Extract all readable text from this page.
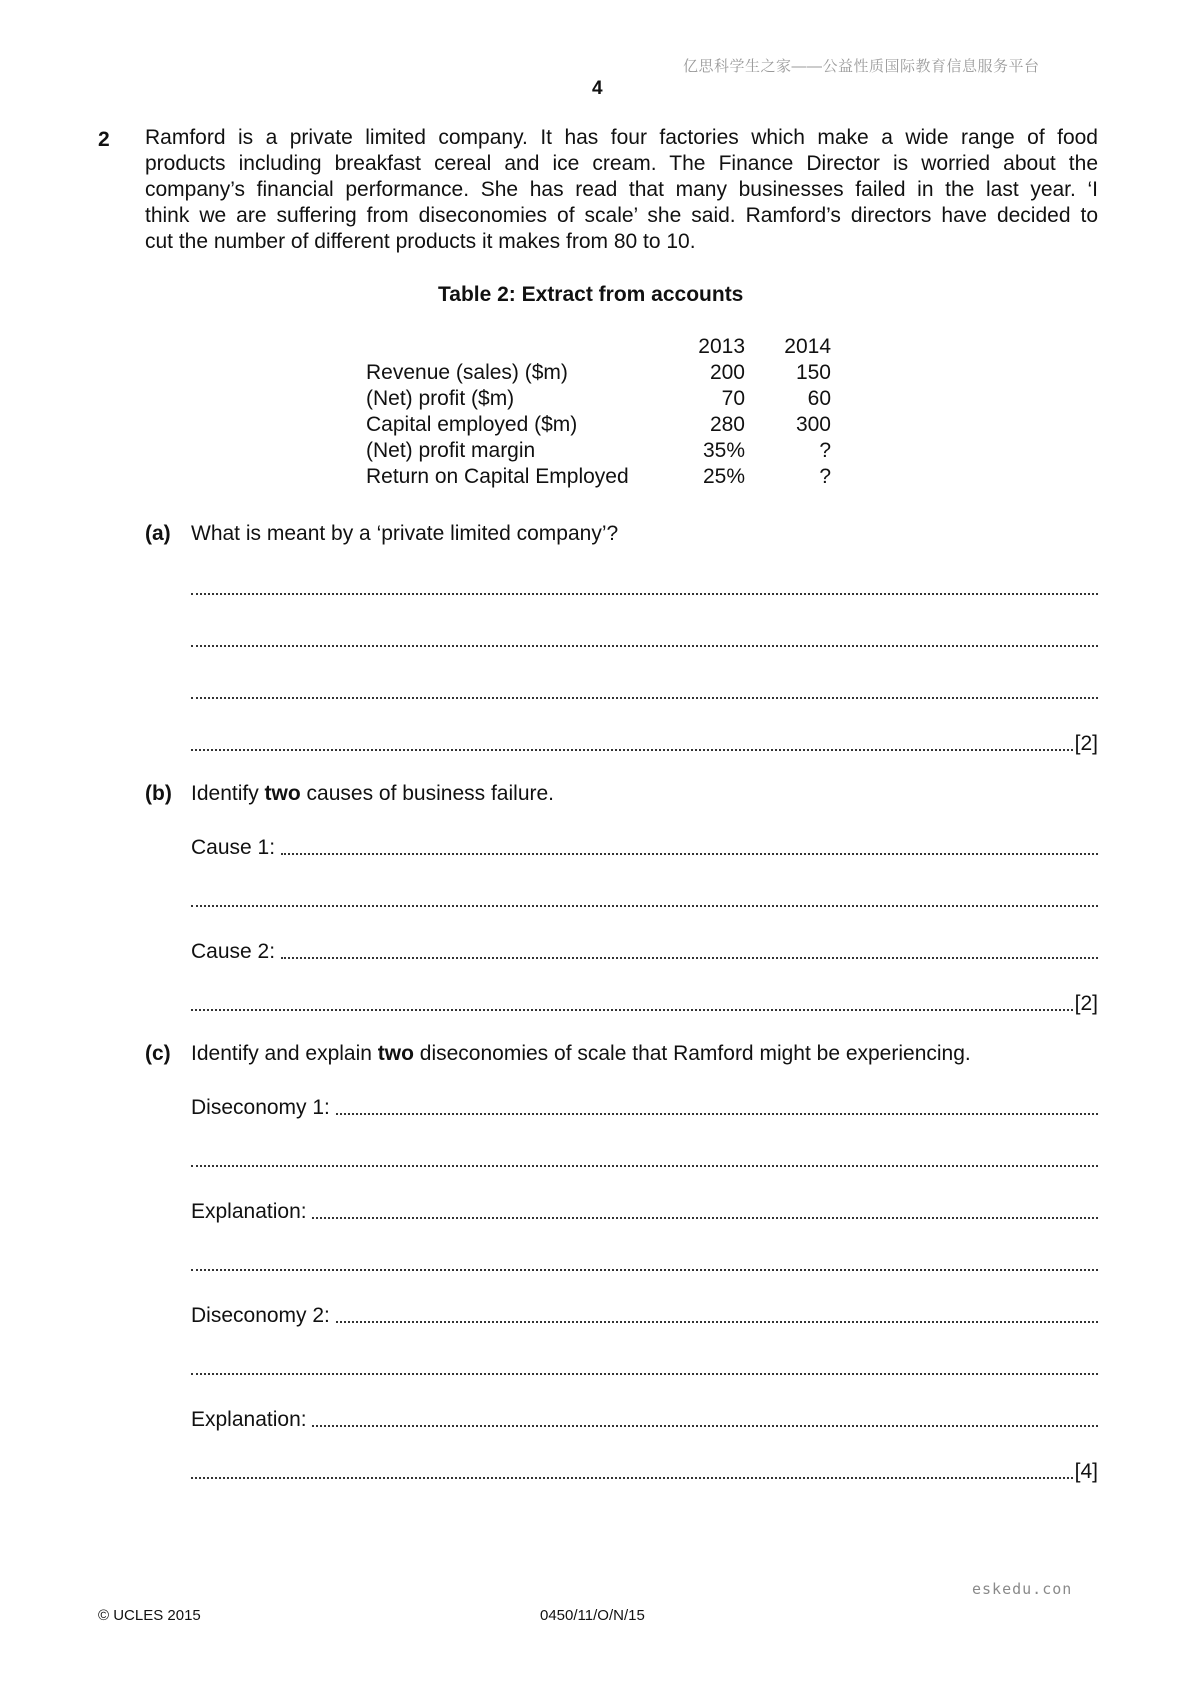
亿思科学生之家——公益性质国际教育信息服务平台
4
2 Ramford is a private limited company. It has four factories which make a wide range of food
products including breakfast cereal and ice cream. The Finance Director is worried about the
company’s financial performance. She has read that many businesses failed in the last year. ‘I
think we are suffering from diseconomies of scale’ she said. Ramford’s directors have decided to
cut the number of different products it makes from 80 to 10.
Table 2: Extract from accounts
	2013		2014
Revenue (sales) ($m)	200		150
(Net) profit ($m)	70		60
Capital employed ($m)	280		300
(Net) profit margin	35%		?
Return on Capital Employed	25%		?
(a) What is meant by a ‘private limited company’?
[2]
(b) Identify two causes of business failure.
Cause 1:
Cause 2:
[2]
(c) Identify and explain two diseconomies of scale that Ramford might be experiencing.
Diseconomy 1:
Explanation:
Diseconomy 2:
Explanation:
[4]
eskedu.con
© UCLES 2015	0450/11/O/N/15
